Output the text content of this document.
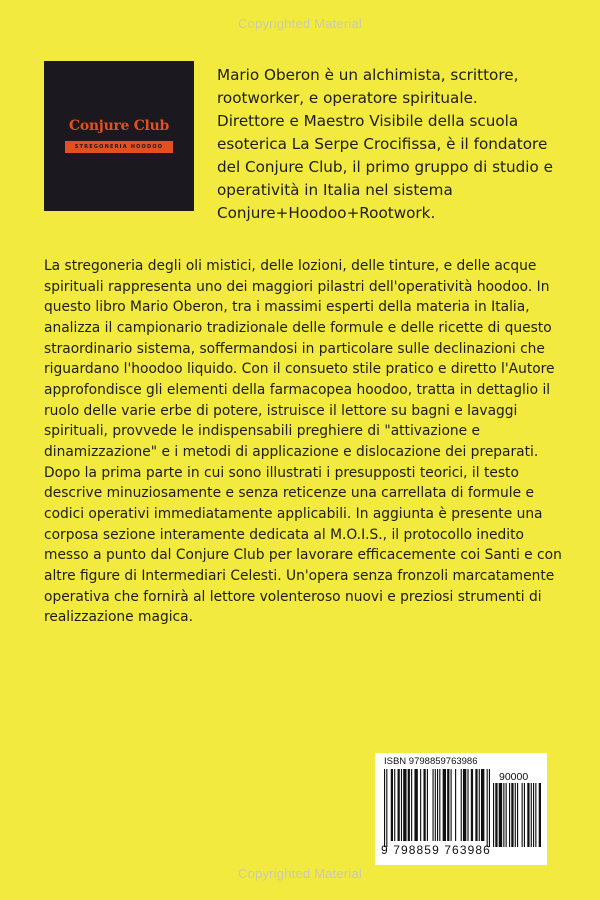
Copyrighted Material
Conjure Club
STREGONERIA HOODOO

Mario Oberon è un alchimista, scrittore,
rootworker, e operatore spirituale.
Direttore e Maestro Visibile della scuola
esoterica La Serpe Crocifissa, è il fondatore
del Conjure Club, il primo gruppo di studio e
operatività in Italia nel sistema
Conjure+Hoodoo+Rootwork.

La stregoneria degli oli mistici, delle lozioni, delle tinture, e delle acque
spirituali rappresenta uno dei maggiori pilastri dell'operatività hoodoo. In
questo libro Mario Oberon, tra i massimi esperti della materia in Italia,
analizza il campionario tradizionale delle formule e delle ricette di questo
straordinario sistema, soffermandosi in particolare sulle declinazioni che
riguardano l'hoodoo liquido. Con il consueto stile pratico e diretto l'Autore
approfondisce gli elementi della farmacopea hoodoo, tratta in dettaglio il
ruolo delle varie erbe di potere, istruisce il lettore su bagni e lavaggi
spirituali, provvede le indispensabili preghiere di "attivazione e
dinamizzazione" e i metodi di applicazione e dislocazione dei preparati.
Dopo la prima parte in cui sono illustrati i presupposti teorici, il testo
descrive minuziosamente e senza reticenze una carrellata di formule e
codici operativi immediatamente applicabili. In aggiunta è presente una
corposa sezione interamente dedicata al M.O.I.S., il protocollo inedito
messo a punto dal Conjure Club per lavorare efficacemente coi Santi e con
altre figure di Intermediari Celesti. Un'opera senza fronzoli marcatamente
operativa che fornirà al lettore volenteroso nuovi e preziosi strumenti di
realizzazione magica.

ISBN 9798859763986
90000
9 798859 763986
Copyrighted Material
